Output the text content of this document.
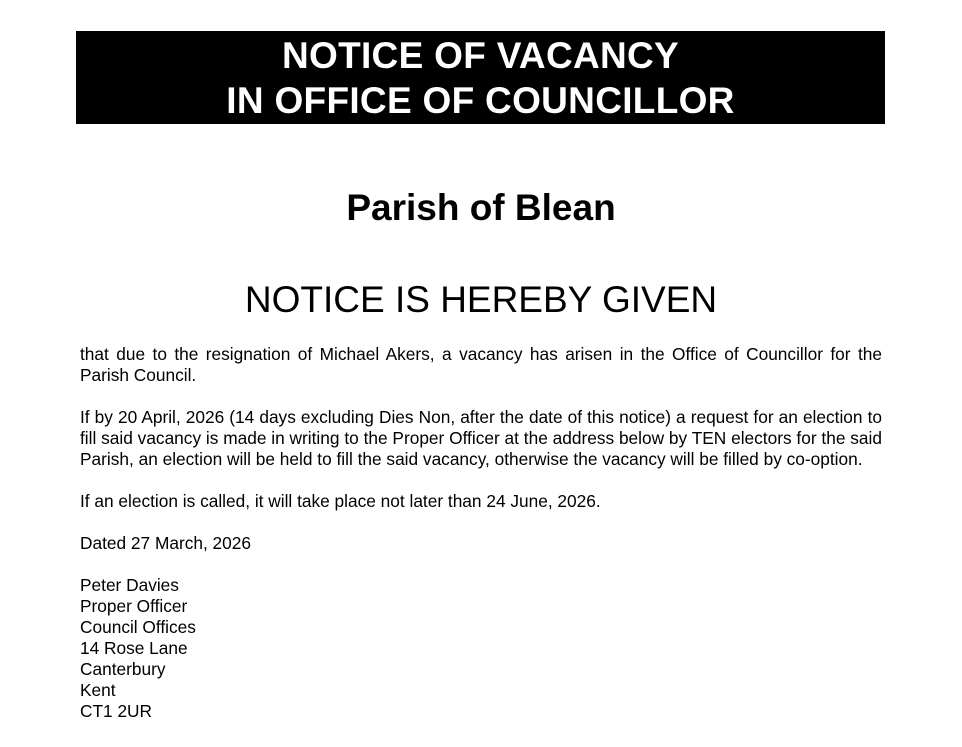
NOTICE OF VACANCY
IN OFFICE OF COUNCILLOR
Parish of Blean
NOTICE IS HEREBY GIVEN

that due to the resignation of Michael Akers, a vacancy has arisen in the Office of Councillor for the Parish Council.

If by 20 April, 2026 (14 days excluding Dies Non, after the date of this notice) a request for an election to fill said vacancy is made in writing to the Proper Officer at the address below by TEN electors for the said Parish, an election will be held to fill the said vacancy, otherwise the vacancy will be filled by co-option.

If an election is called, it will take place not later than 24 June, 2026.

Dated 27 March, 2026

Peter Davies
Proper Officer
Council Offices
14 Rose Lane
Canterbury
Kent
CT1 2UR
